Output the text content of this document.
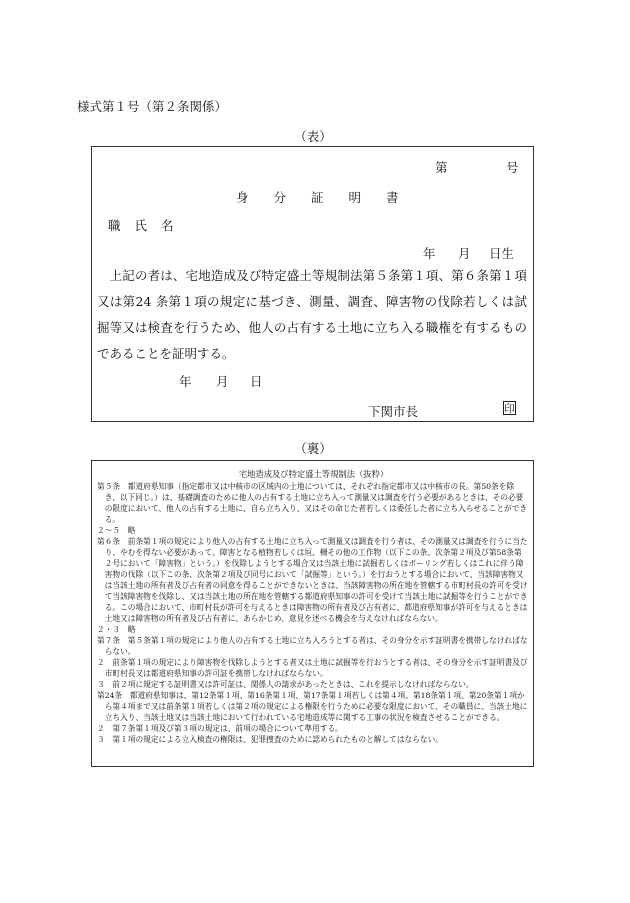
様式第１号（第２条関係）
（表）
第	号
身　　分　　証　　明　　書
職 氏 名
年 月 日生
上記の者は、宅地造成及び特定盛土等規制法第５条第１項、第６条第１項又は第24 条第１項の規定に基づき、測量、調査、障害物の伐除若しくは試掘等又は検査を行うため、他人の占有する土地に立ち入る職権を有するものであることを証明する。
年 月 日
下関市長	印
（裏）
宅地造成及び特定盛土等規制法（抜粋）

第５条　都道府県知事（指定都市又は中核市の区域内の土地については、それぞれ指定都市又は中核市の長。第50条を除き、以下同じ。）は、基礎調査のために他人の占有する土地に立ち入って測量又は調査を行う必要があるときは、その必要の限度において、他人の占有する土地に、自ら立ち入り、又はその命じた者若しくは委任した者に立ち入らせることができる。

２～５　略

第６条　前条第１項の規定により他人の占有する土地に立ち入って測量又は調査を行う者は、その測量又は調査を行うに当たり、やむを得ない必要があって、障害となる植物若しくは垣、柵その他の工作物（以下この条、次条第２項及び第58条第２号において「障害物」という。）を伐除しようとする場合又は当該土地に試掘若しくはボーリング若しくはこれに伴う障害物の伐除（以下この条、次条第２項及び同号において「試掘等」という。）を行おうとする場合において、当該障害物又は当該土地の所有者及び占有者の同意を得ることができないときは、当該障害物の所在地を管轄する市町村長の許可を受けて当該障害物を伐除し、又は当該土地の所在地を管轄する都道府県知事の許可を受けて当該土地に試掘等を行うことができる。この場合において、市町村長が許可を与えるときは障害物の所有者及び占有者に、都道府県知事が許可を与えるときは土地又は障害物の所有者及び占有者に、あらかじめ、意見を述べる機会を与えなければならない。

２・３　略

第７条　第５条第１項の規定により他人の占有する土地に立ち入ろうとする者は、その身分を示す証明書を携帯しなければならない。

２　前条第１項の規定により障害物を伐除しようとする者又は土地に試掘等を行おうとする者は、その身分を示す証明書及び市町村長又は都道府県知事の許可証を携帯しなければならない。

３　前２項に規定する証明書又は許可証は、関係人の請求があったときは、これを提示しなければならない。

第24条　都道府県知事は、第12条第１項、第16条第１項、第17条第１項若しくは第４項、第18条第１項、第20条第１項から第４項まで又は前条第１項若しくは第２項の規定による権限を行うために必要な限度において、その職員に、当該土地に立ち入り、当該土地又は当該土地において行われている宅地造成等に関する工事の状況を検査させることができる。

２　第７条第１項及び第３項の規定は、前項の場合について準用する。

３　第１項の規定による立入検査の権限は、犯罪捜査のために認められたものと解してはならない。
